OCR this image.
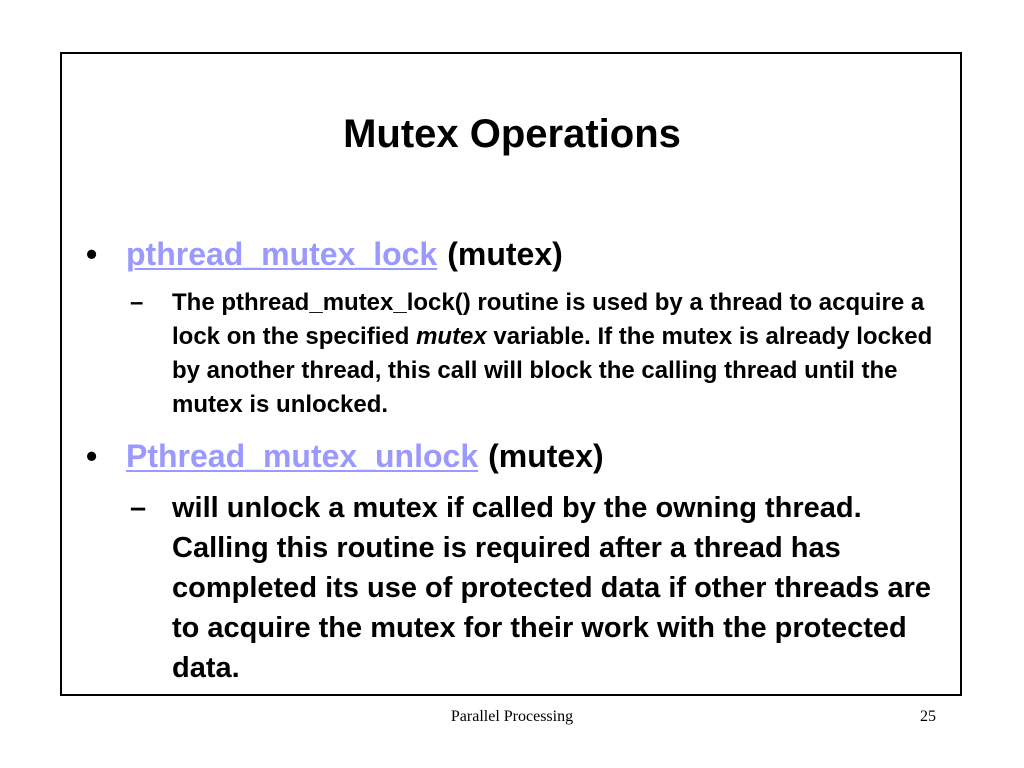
Mutex Operations
• pthread_mutex_lock (mutex)
–	The pthread_mutex_lock() routine is used by a thread to acquire a lock on the specified mutex variable. If the mutex is already locked by another thread, this call will block the calling thread until the mutex is unlocked.
• Pthread_mutex_unlock (mutex)
– will unlock a mutex if called by the owning thread. Calling this routine is required after a thread has completed its use of protected data if other threads are to acquire the mutex for their work with the protected data.
Parallel Processing	25
